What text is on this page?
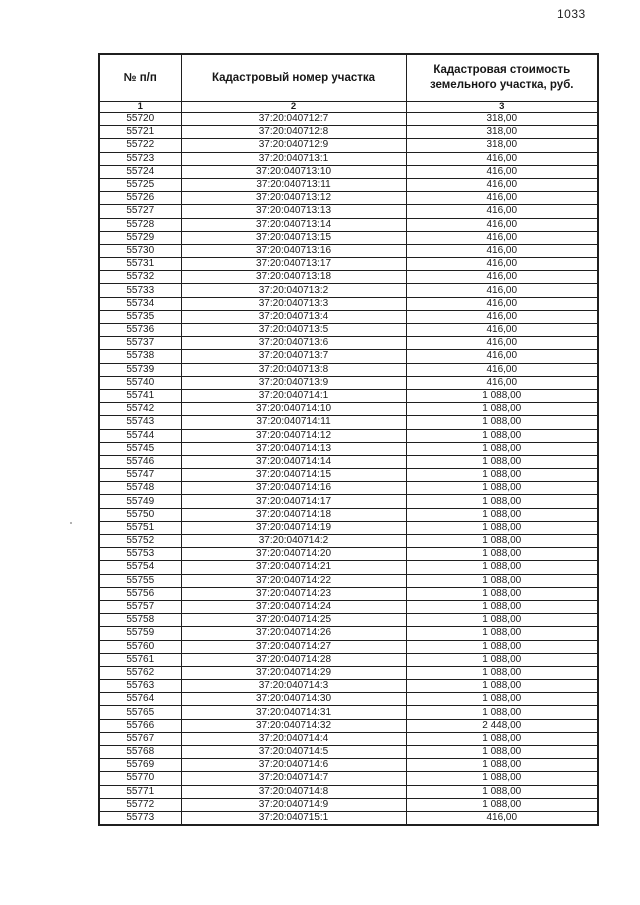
1033
№ п/п	Кадастровый номер участка	Кадастровая стоимость земельного участка, руб.
1	2	3
55720	37:20:040712:7	318,00
55721	37:20:040712:8	318,00
55722	37:20:040712:9	318,00
55723	37:20:040713:1	416,00
55724	37:20:040713:10	416,00
55725	37:20:040713:11	416,00
55726	37:20:040713:12	416,00
55727	37:20:040713:13	416,00
55728	37:20:040713:14	416,00
55729	37:20:040713:15	416,00
55730	37:20:040713:16	416,00
55731	37:20:040713:17	416,00
55732	37:20:040713:18	416,00
55733	37:20:040713:2	416,00
55734	37:20:040713:3	416,00
55735	37:20:040713:4	416,00
55736	37:20:040713:5	416,00
55737	37:20:040713:6	416,00
55738	37:20:040713:7	416,00
55739	37:20:040713:8	416,00
55740	37:20:040713:9	416,00
55741	37:20:040714:1	1 088,00
55742	37:20:040714:10	1 088,00
55743	37:20:040714:11	1 088,00
55744	37:20:040714:12	1 088,00
55745	37:20:040714:13	1 088,00
55746	37:20:040714:14	1 088,00
55747	37:20:040714:15	1 088,00
55748	37:20:040714:16	1 088,00
55749	37:20:040714:17	1 088,00
55750	37:20:040714:18	1 088,00
55751	37:20:040714:19	1 088,00
55752	37:20:040714:2	1 088,00
55753	37:20:040714:20	1 088,00
55754	37:20:040714:21	1 088,00
55755	37:20:040714:22	1 088,00
55756	37:20:040714:23	1 088,00
55757	37:20:040714:24	1 088,00
55758	37:20:040714:25	1 088,00
55759	37:20:040714:26	1 088,00
55760	37:20:040714:27	1 088,00
55761	37:20:040714:28	1 088,00
55762	37:20:040714:29	1 088,00
55763	37:20:040714:3	1 088,00
55764	37:20:040714:30	1 088,00
55765	37:20:040714:31	1 088,00
55766	37:20:040714:32	2 448,00
55767	37:20:040714:4	1 088,00
55768	37:20:040714:5	1 088,00
55769	37:20:040714:6	1 088,00
55770	37:20:040714:7	1 088,00
55771	37:20:040714:8	1 088,00
55772	37:20:040714:9	1 088,00
55773	37:20:040715:1	416,00
